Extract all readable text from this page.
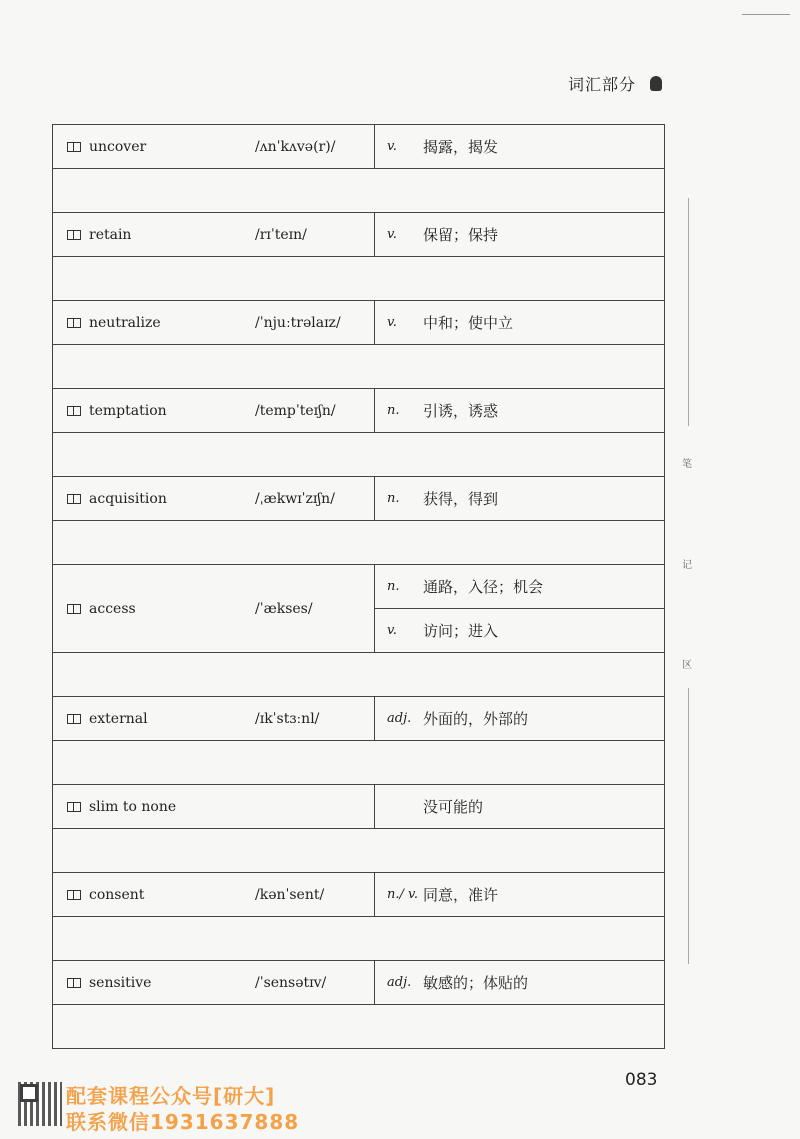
词汇部分
uncover	/ʌnˈkʌvə(r)/	v.	揭露，揭发
retain	/rɪˈteɪn/	v.	保留；保持
neutralize	/ˈnjuːtrəlaɪz/	v.	中和；使中立
temptation	/tempˈteɪʃn/	n.	引诱，诱惑
acquisition	/ˌækwɪˈzɪʃn/	n.	获得，得到
access	/ˈækses/
n.	通路，入径；机会
v.	访问；进入
external	/ɪkˈstɜːnl/	adj. 外面的，外部的
slim to none	没可能的
consent	/kənˈsent/	n./ v. 同意，准许
sensitive	/ˈsensətɪv/	adj. 敏感的；体贴的
笔
记
区
083
配套课程公众号[研大]
联系微信1931637888
